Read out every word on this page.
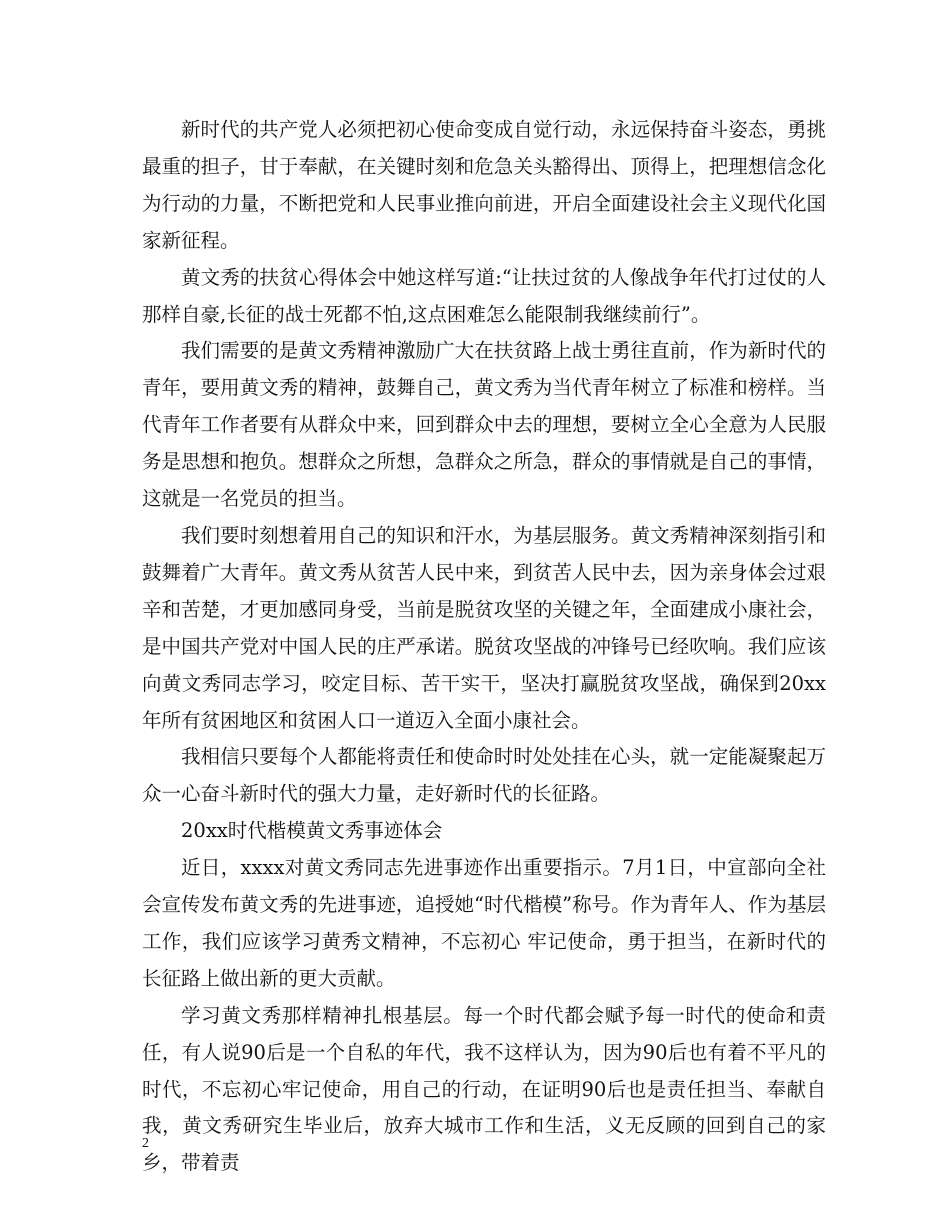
新时代的共产党人必须把初心使命变成自觉行动，永远保持奋斗姿态，勇挑最重的担子，甘于奉献，在关键时刻和危急关头豁得出、顶得上，把理想信念化为行动的力量，不断把党和人民事业推向前进，开启全面建设社会主义现代化国家新征程。

黄文秀的扶贫心得体会中她这样写道:“让扶过贫的人像战争年代打过仗的人那样自豪,长征的战士死都不怕,这点困难怎么能限制我继续前行”。

我们需要的是黄文秀精神激励广大在扶贫路上战士勇往直前，作为新时代的青年，要用黄文秀的精神，鼓舞自己，黄文秀为当代青年树立了标准和榜样。当代青年工作者要有从群众中来，回到群众中去的理想，要树立全心全意为人民服务是思想和抱负。想群众之所想，急群众之所急，群众的事情就是自己的事情，这就是一名党员的担当。

我们要时刻想着用自己的知识和汗水，为基层服务。黄文秀精神深刻指引和鼓舞着广大青年。黄文秀从贫苦人民中来，到贫苦人民中去，因为亲身体会过艰辛和苦楚，才更加感同身受，当前是脱贫攻坚的关键之年，全面建成小康社会，是中国共产党对中国人民的庄严承诺。脱贫攻坚战的冲锋号已经吹响。我们应该向黄文秀同志学习，咬定目标、苦干实干，坚决打赢脱贫攻坚战，确保到20xx年所有贫困地区和贫困人口一道迈入全面小康社会。

我相信只要每个人都能将责任和使命时时处处挂在心头，就一定能凝聚起万众一心奋斗新时代的强大力量，走好新时代的长征路。

20xx时代楷模黄文秀事迹体会

近日，xxxx对黄文秀同志先进事迹作出重要指示。7月1日，中宣部向全社会宣传发布黄文秀的先进事迹，追授她“时代楷模”称号。作为青年人、作为基层工作，我们应该学习黄秀文精神，不忘初心 牢记使命，勇于担当，在新时代的长征路上做出新的更大贡献。

学习黄文秀那样精神扎根基层。每一个时代都会赋予每一时代的使命和责任，有人说90后是一个自私的年代，我不这样认为，因为90后也有着不平凡的时代，不忘初心牢记使命，用自己的行动，在证明90后也是责任担当、奉献自我，黄文秀研究生毕业后，放弃大城市工作和生活，义无反顾的回到自己的家乡，带着责

2
